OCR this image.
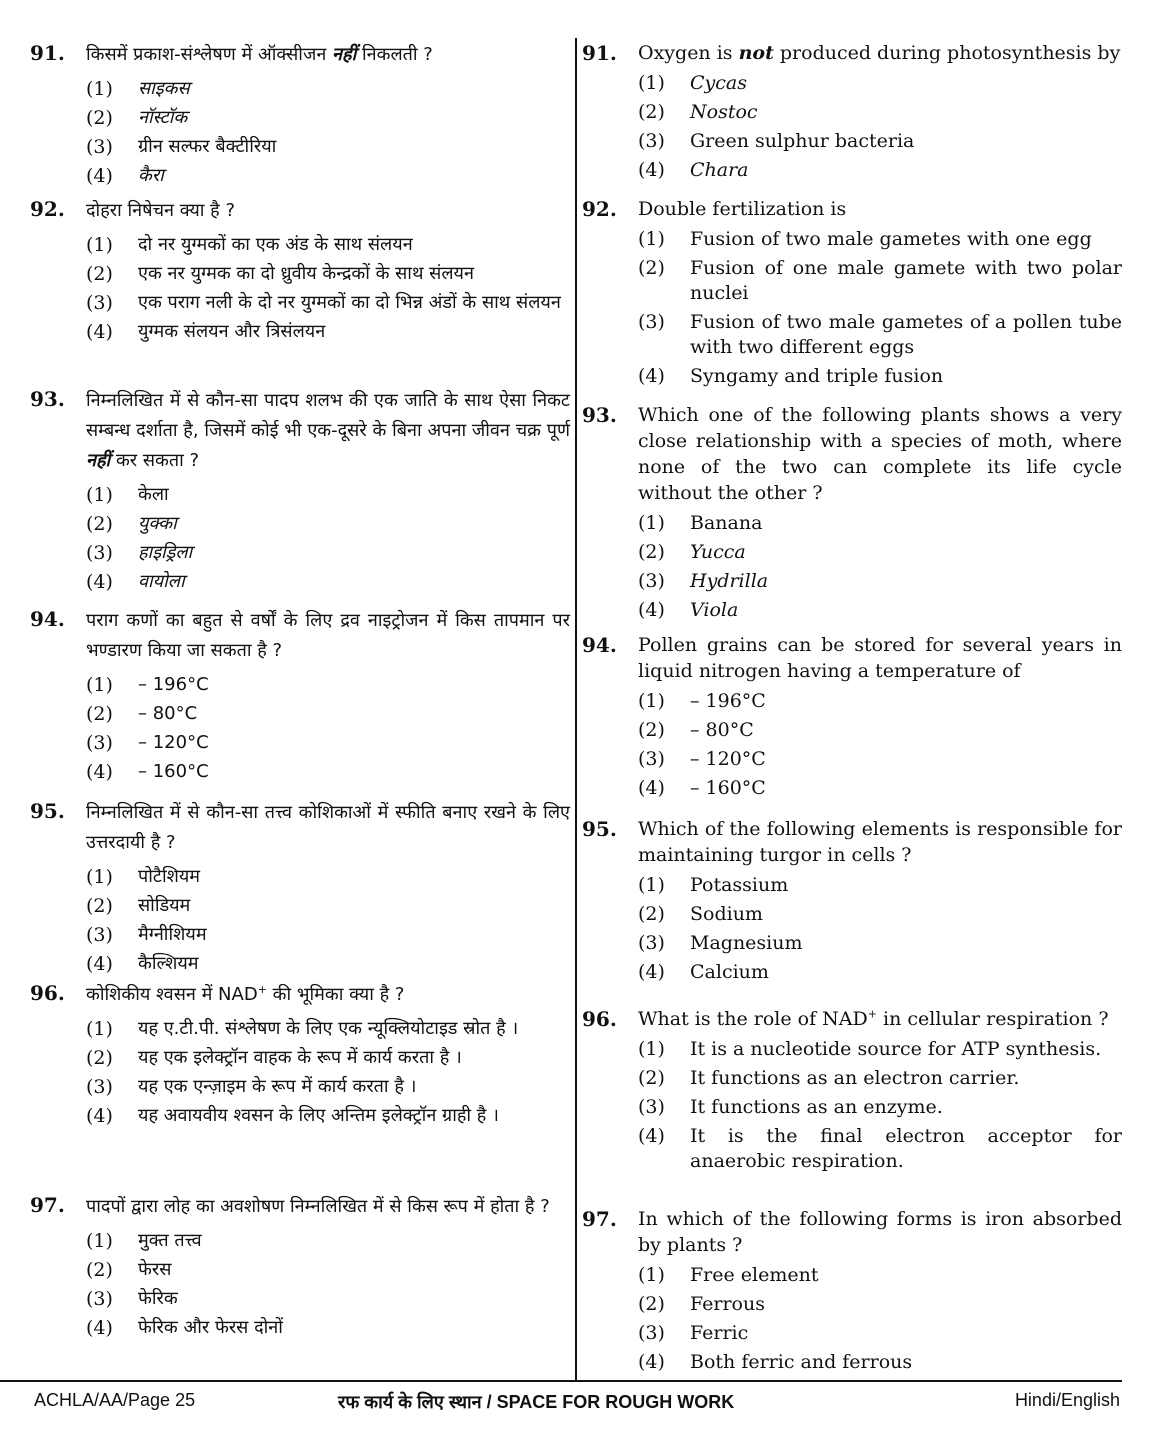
91. किसमें प्रकाश-संश्लेषण में ऑक्सीजन नहीं निकलती ?
(1) साइकस
(2) नॉस्टॉक
(3) ग्रीन सल्फर बैक्टीरिया
(4) कैरा
92. दोहरा निषेचन क्या है ?
(1) दो नर युग्मकों का एक अंड के साथ संलयन
(2) एक नर युग्मक का दो ध्रुवीय केन्द्रकों के साथ संलयन
(3) एक पराग नली के दो नर युग्मकों का दो भिन्न अंडों के साथ संलयन
(4) युग्मक संलयन और त्रिसंलयन
93. निम्नलिखित में से कौन-सा पादप शलभ की एक जाति के साथ ऐसा निकट सम्बन्ध दर्शाता है, जिसमें कोई भी एक-दूसरे के बिना अपना जीवन चक्र पूर्ण नहीं कर सकता ?
(1) केला
(2) युक्का
(3) हाइड्रिला
(4) वायोला
94. पराग कणों का बहुत से वर्षों के लिए द्रव नाइट्रोजन में किस तापमान पर भण्डारण किया जा सकता है ?
(1) – 196°C
(2) – 80°C
(3) – 120°C
(4) – 160°C
95. निम्नलिखित में से कौन-सा तत्त्व कोशिकाओं में स्फीति बनाए रखने के लिए उत्तरदायी है ?
(1) पोटैशियम
(2) सोडियम
(3) मैग्नीशियम
(4) कैल्शियम
96. कोशिकीय श्वसन में NAD+ की भूमिका क्या है ?
(1) यह ए.टी.पी. संश्लेषण के लिए एक न्यूक्लियोटाइड स्रोत है ।
(2) यह एक इलेक्ट्रॉन वाहक के रूप में कार्य करता है ।
(3) यह एक एन्ज़ाइम के रूप में कार्य करता है ।
(4) यह अवायवीय श्वसन के लिए अन्तिम इलेक्ट्रॉन ग्राही है ।
97. पादपों द्वारा लोह का अवशोषण निम्नलिखित में से किस रूप में होता है ?
(1) मुक्त तत्त्व
(2) फेरस
(3) फेरिक
(4) फेरिक और फेरस दोनों
91. Oxygen is not produced during photosynthesis by
(1) Cycas
(2) Nostoc
(3) Green sulphur bacteria
(4) Chara
92. Double fertilization is
(1) Fusion of two male gametes with one egg
(2) Fusion of one male gamete with two polar nuclei
(3) Fusion of two male gametes of a pollen tube with two different eggs
(4) Syngamy and triple fusion
93. Which one of the following plants shows a very close relationship with a species of moth, where none of the two can complete its life cycle without the other ?
(1) Banana
(2) Yucca
(3) Hydrilla
(4) Viola
94. Pollen grains can be stored for several years in liquid nitrogen having a temperature of
(1) – 196°C
(2) – 80°C
(3) – 120°C
(4) – 160°C
95. Which of the following elements is responsible for maintaining turgor in cells ?
(1) Potassium
(2) Sodium
(3) Magnesium
(4) Calcium
96. What is the role of NAD+ in cellular respiration ?
(1) It is a nucleotide source for ATP synthesis.
(2) It functions as an electron carrier.
(3) It functions as an enzyme.
(4) It is the final electron acceptor for anaerobic respiration.
97. In which of the following forms is iron absorbed by plants ?
(1) Free element
(2) Ferrous
(3) Ferric
(4) Both ferric and ferrous
ACHLA/AA/Page 25	रफ कार्य के लिए स्थान / SPACE FOR ROUGH WORK	Hindi/English
